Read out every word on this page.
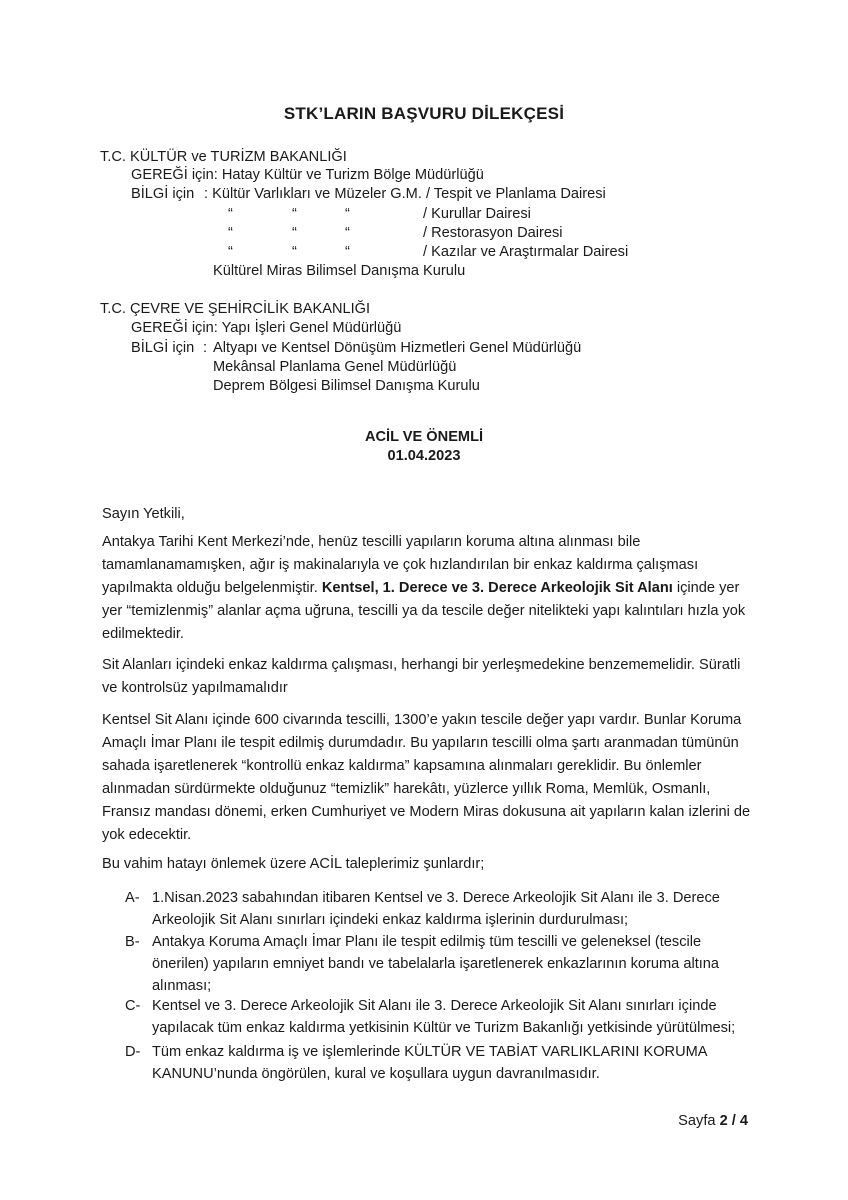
STK’LARIN BAŞVURU DİLEKÇESİ
T.C. KÜLTÜR ve TURİZM BAKANLIĞI
GEREĞİ için: Hatay Kültür ve Turizm Bölge Müdürlüğü
BİLGİ için : Kültür Varlıkları ve Müzeler G.M. / Tespit ve Planlama Dairesi
“	“	“	/ Kurullar Dairesi
“	“	“	/ Restorasyon Dairesi
“	“	“	/ Kazılar ve Araştırmalar Dairesi
Kültürel Miras Bilimsel Danışma Kurulu
T.C. ÇEVRE VE ŞEHİRCİLİK BAKANLIĞI
GEREĞİ için: Yapı İşleri Genel Müdürlüğü
BİLGİ için : Altyapı ve Kentsel Dönüşüm Hizmetleri Genel Müdürlüğü
Mekânsal Planlama Genel Müdürlüğü
Deprem Bölgesi Bilimsel Danışma Kurulu
ACİL VE ÖNEMLİ
01.04.2023
Sayın Yetkili,
Antakya Tarihi Kent Merkezi’nde, henüz tescilli yapıların koruma altına alınması bile tamamlanamamışken, ağır iş makinalarıyla ve çok hızlandırılan bir enkaz kaldırma çalışması yapılmakta olduğu belgelenmiştir. Kentsel, 1. Derece ve 3. Derece Arkeolojik Sit Alanı içinde yer yer “temizlenmiş” alanlar açma uğruna, tescilli ya da tescile değer nitelikteki yapı kalıntıları hızla yok edilmektedir.
Sit Alanları içindeki enkaz kaldırma çalışması, herhangi bir yerleşmedekine benzememelidir. Süratli ve kontrolsüz yapılmamalıdır
Kentsel Sit Alanı içinde 600 civarında tescilli, 1300’e yakın tescile değer yapı vardır. Bunlar Koruma Amaçlı İmar Planı ile tespit edilmiş durumdadır. Bu yapıların tescilli olma şartı aranmadan tümünün sahada işaretlenerek “kontrollü enkaz kaldırma” kapsamına alınmaları gereklidir. Bu önlemler alınmadan sürdürmekte olduğunuz “temizlik” harekâtı, yüzlerce yıllık Roma, Memlük, Osmanlı, Fransız mandası dönemi, erken Cumhuriyet ve Modern Miras dokusuna ait yapıların kalan izlerini de yok edecektir.
Bu vahim hatayı önlemek üzere ACİL taleplerimiz şunlardır;
A- 1.Nisan.2023 sabahından itibaren Kentsel ve 3. Derece Arkeolojik Sit Alanı ile 3. Derece Arkeolojik Sit Alanı sınırları içindeki enkaz kaldırma işlerinin durdurulması;
B- Antakya Koruma Amaçlı İmar Planı ile tespit edilmiş tüm tescilli ve geleneksel (tescile önerilen) yapıların emniyet bandı ve tabelalarla işaretlenerek enkazlarının koruma altına alınması;
C- Kentsel ve 3. Derece Arkeolojik Sit Alanı ile 3. Derece Arkeolojik Sit Alanı sınırları içinde yapılacak tüm enkaz kaldırma yetkisinin Kültür ve Turizm Bakanlığı yetkisinde yürütülmesi;
D- Tüm enkaz kaldırma iş ve işlemlerinde KÜLTÜR VE TABİAT VARLIKLARINI KORUMA KANUNU’nunda öngörülen, kural ve koşullara uygun davranılmasıdır.
Sayfa 2 / 4
